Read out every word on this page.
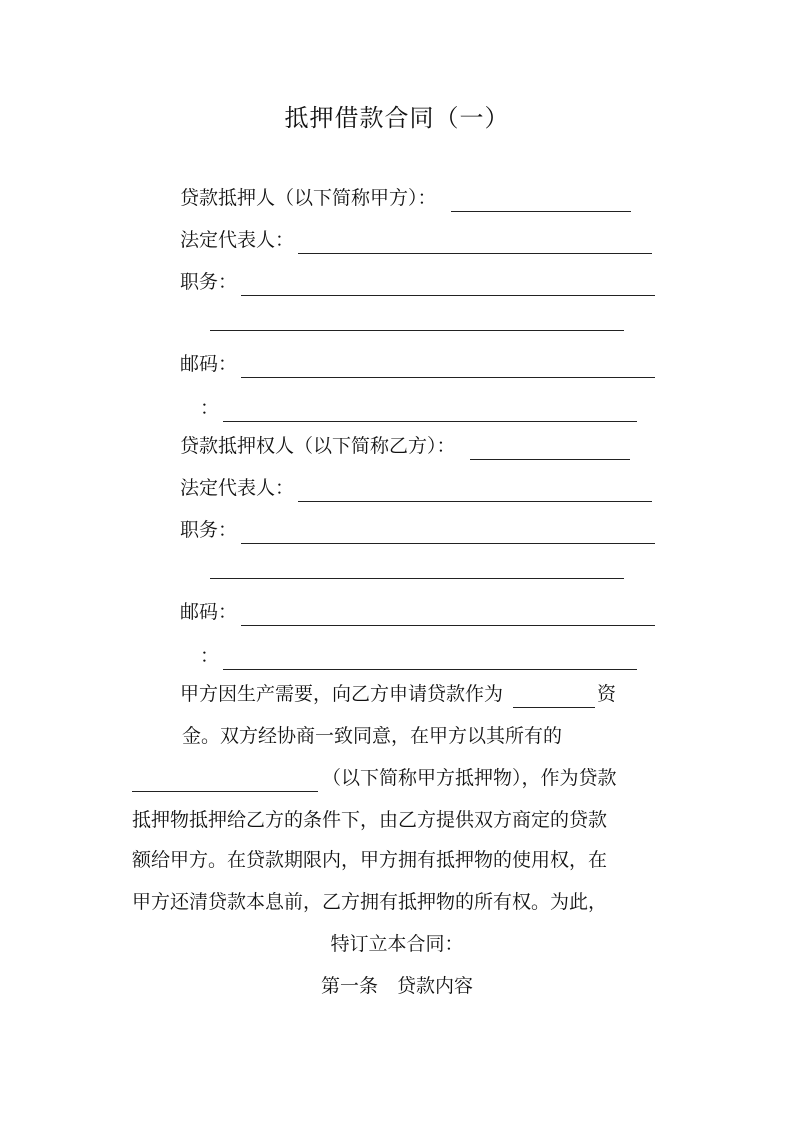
抵押借款合同（一）
贷款抵押人（以下简称甲方）：
法定代表人：
职务：
邮码：
：
贷款抵押权人（以下简称乙方）：
法定代表人：
职务：
邮码：
：
甲方因生产需要，向乙方申请贷款作为	资
金。双方经协商一致同意，在甲方以其所有的
（以下简称甲方抵押物），作为贷款
抵押物抵押给乙方的条件下，由乙方提供双方商定的贷款
额给甲方。在贷款期限内，甲方拥有抵押物的使用权，在
甲方还清贷款本息前，乙方拥有抵押物的所有权。为此，
特订立本合同：
第一条　贷款内容
